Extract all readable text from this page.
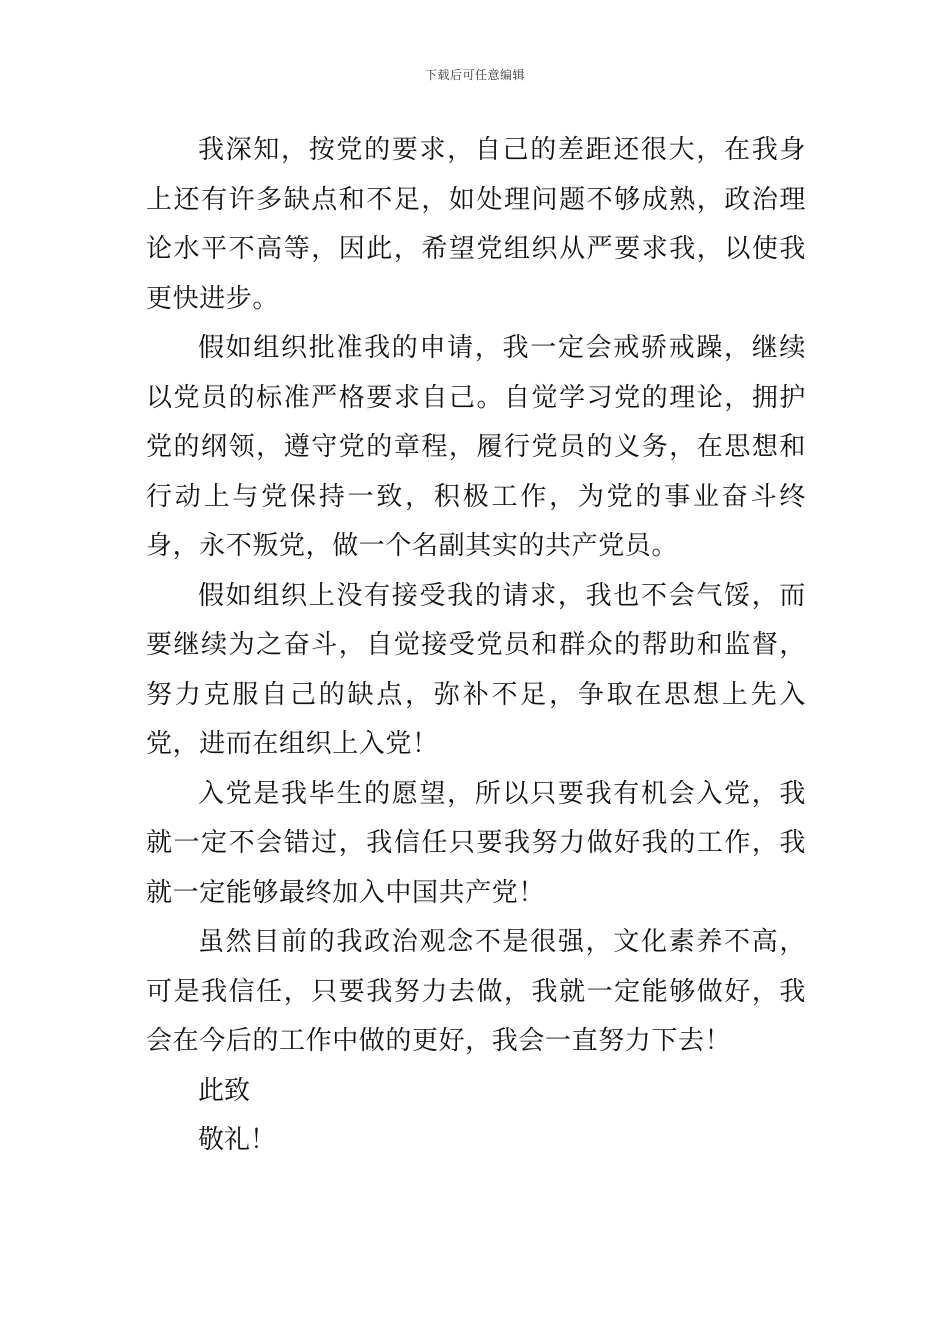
下载后可任意编辑

我深知，按党的要求，自己的差距还很大，在我身上还有许多缺点和不足，如处理问题不够成熟，政治理论水平不高等，因此，希望党组织从严要求我，以使我更快进步。

假如组织批准我的申请，我一定会戒骄戒躁，继续以党员的标准严格要求自己。自觉学习党的理论，拥护党的纲领，遵守党的章程，履行党员的义务，在思想和行动上与党保持一致，积极工作，为党的事业奋斗终身，永不叛党，做一个名副其实的共产党员。

假如组织上没有接受我的请求，我也不会气馁，而要继续为之奋斗，自觉接受党员和群众的帮助和监督，努力克服自己的缺点，弥补不足，争取在思想上先入党，进而在组织上入党！

入党是我毕生的愿望，所以只要我有机会入党，我就一定不会错过，我信任只要我努力做好我的工作，我就一定能够最终加入中国共产党！

虽然目前的我政治观念不是很强，文化素养不高，可是我信任，只要我努力去做，我就一定能够做好，我会在今后的工作中做的更好，我会一直努力下去！

此致

敬礼！
